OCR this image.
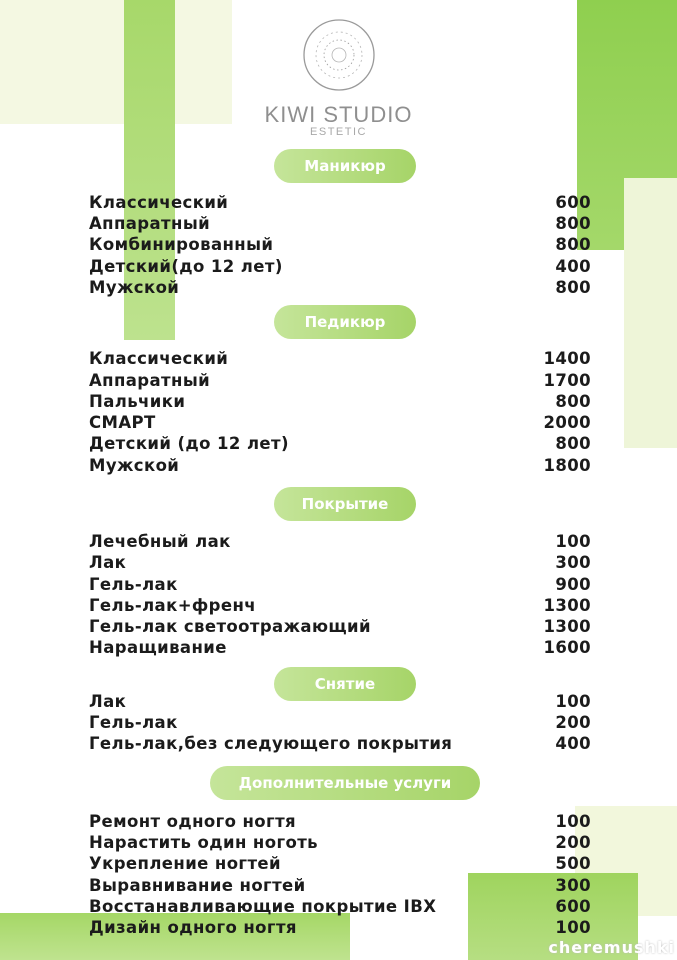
KIWI STUDIO
ESTETIC
Маникюр
Классический	600
Аппаратный	800
Комбинированный	800
Детский(до 12 лет)	400
Мужской	800
Педикюр
Классический	1400
Аппаратный	1700
Пальчики	800
СМАРТ	2000
Детский (до 12 лет)	800
Мужской	1800
Покрытие
Лечебный лак	100
Лак	300
Гель-лак	900
Гель-лак+френч	1300
Гель-лак светоотражающий	1300
Наращивание	1600
Снятие
Лак	100
Гель-лак	200
Гель-лак,без следующего покрытия	400
Дополнительные услуги
Ремонт одного ногтя	100
Нарастить один ноготь	200
Укрепление ногтей	500
Выравнивание ногтей	300
Восстанавливающие покрытие IBX	600
Дизайн одного ногтя	100
cheremushki
